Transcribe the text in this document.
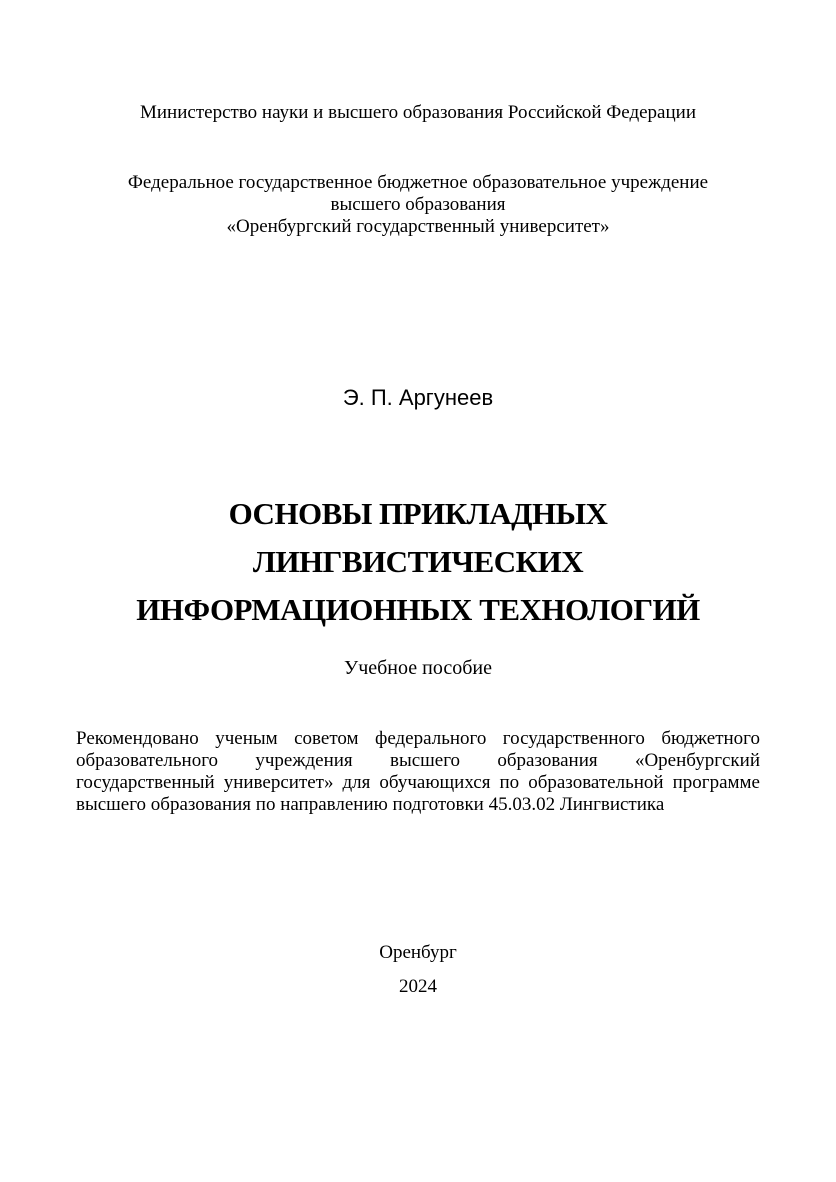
Министерство науки и высшего образования Российской Федерации
Федеральное государственное бюджетное образовательное учреждение
высшего образования
«Оренбургский государственный университет»
Э. П. Аргунеев
ОСНОВЫ ПРИКЛАДНЫХ
ЛИНГВИСТИЧЕСКИХ
ИНФОРМАЦИОННЫХ ТЕХНОЛОГИЙ
Учебное пособие
Рекомендовано ученым советом федерального государственного бюджетного образовательного учреждения высшего образования «Оренбургский государственный университет» для обучающихся по образовательной программе высшего образования по направлению подготовки 45.03.02 Лингвистика
Оренбург
2024
